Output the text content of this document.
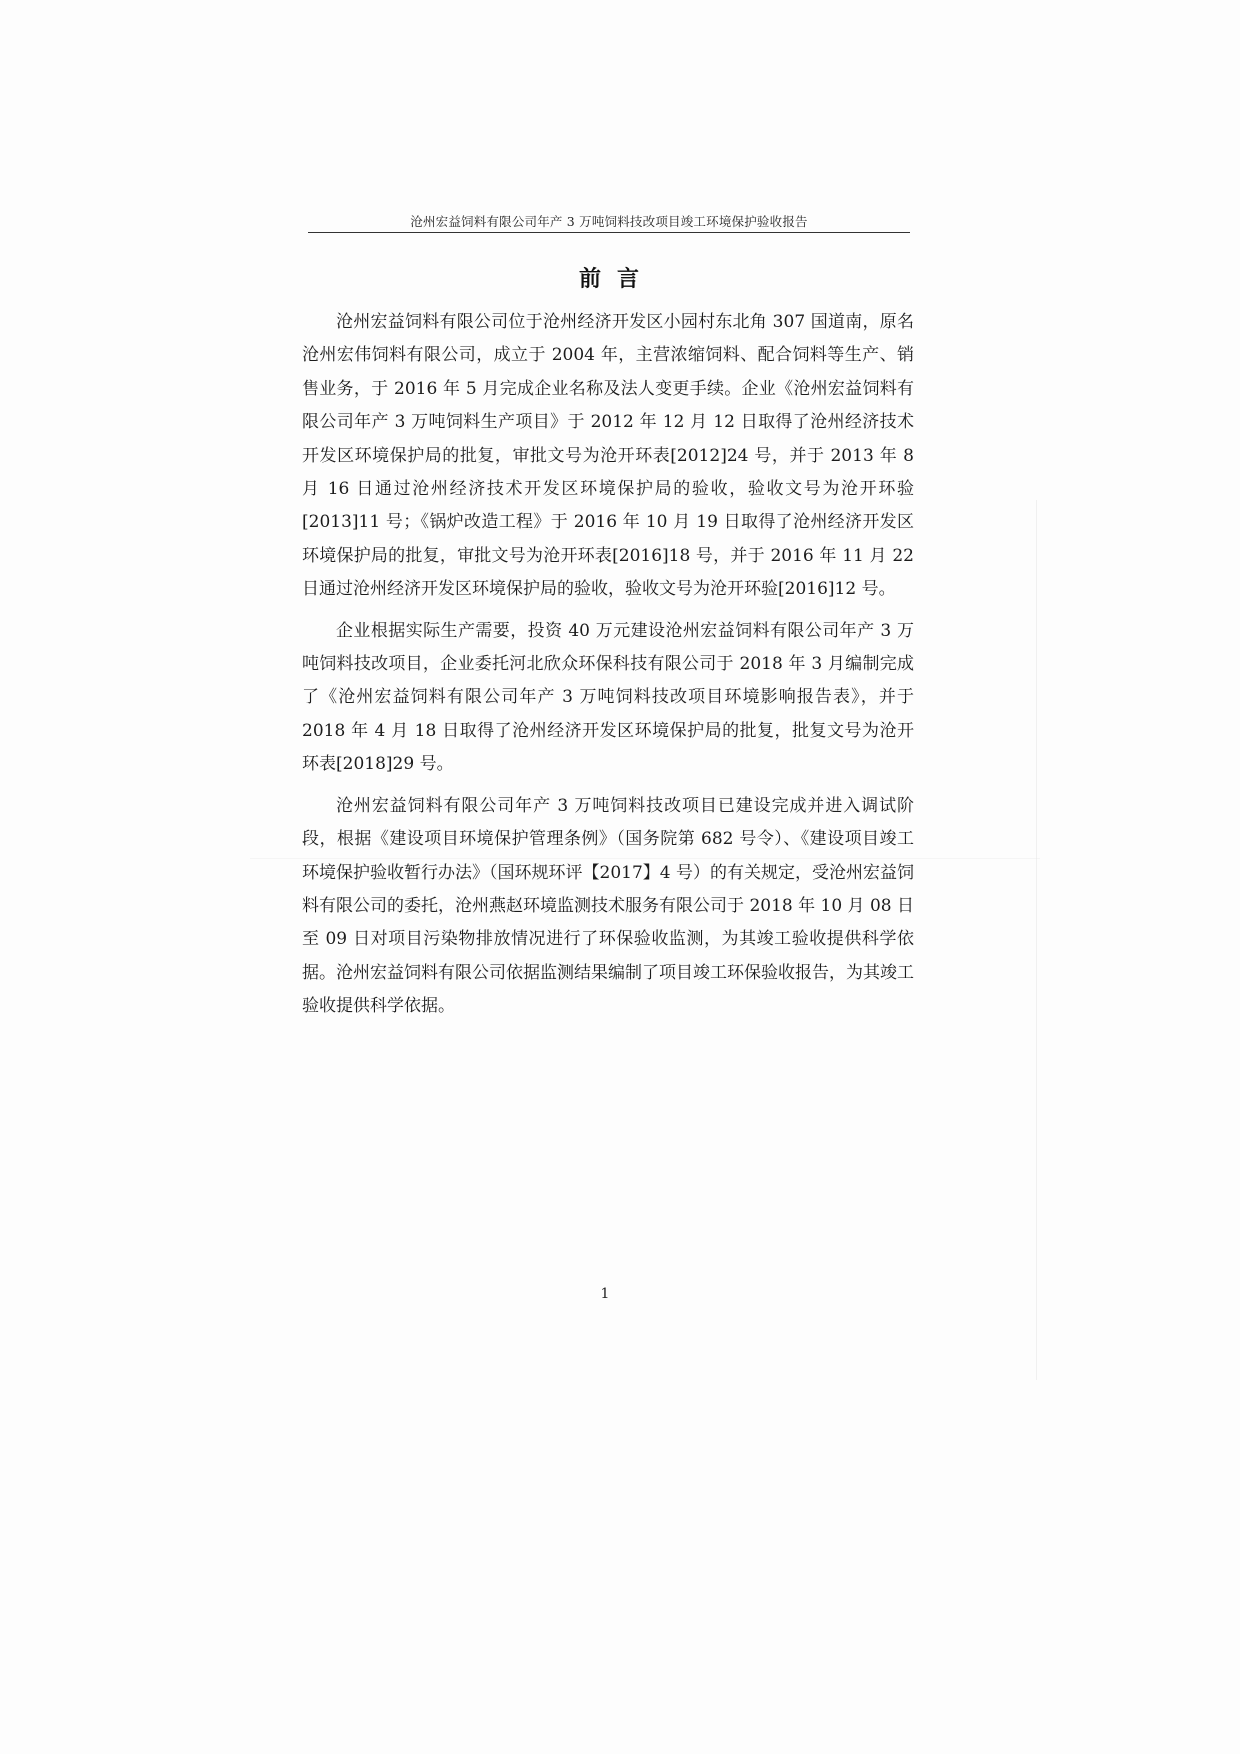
沧州宏益饲料有限公司年产 3 万吨饲料技改项目竣工环境保护验收报告
前言

沧州宏益饲料有限公司位于沧州经济开发区小园村东北角 307 国道南，原名沧州宏伟饲料有限公司，成立于 2004 年，主营浓缩饲料、配合饲料等生产、销售业务，于 2016 年 5 月完成企业名称及法人变更手续。企业《沧州宏益饲料有限公司年产 3 万吨饲料生产项目》于 2012 年 12 月 12 日取得了沧州经济技术开发区环境保护局的批复，审批文号为沧开环表[2012]24 号，并于 2013 年 8 月 16 日通过沧州经济技术开发区环境保护局的验收，验收文号为沧开环验[2013]11 号；《锅炉改造工程》于 2016 年 10 月 19 日取得了沧州经济开发区环境保护局的批复，审批文号为沧开环表[2016]18 号，并于 2016 年 11 月 22 日通过沧州经济开发区环境保护局的验收，验收文号为沧开环验[2016]12 号。

企业根据实际生产需要，投资 40 万元建设沧州宏益饲料有限公司年产 3 万吨饲料技改项目，企业委托河北欣众环保科技有限公司于 2018 年 3 月编制完成了《沧州宏益饲料有限公司年产 3 万吨饲料技改项目环境影响报告表》，并于 2018 年 4 月 18 日取得了沧州经济开发区环境保护局的批复，批复文号为沧开环表[2018]29 号。

沧州宏益饲料有限公司年产 3 万吨饲料技改项目已建设完成并进入调试阶段，根据《建设项目环境保护管理条例》（国务院第 682 号令）、《建设项目竣工环境保护验收暂行办法》（国环规环评【2017】4 号）的有关规定，受沧州宏益饲料有限公司的委托，沧州燕赵环境监测技术服务有限公司于 2018 年 10 月 08 日至 09 日对项目污染物排放情况进行了环保验收监测，为其竣工验收提供科学依据。沧州宏益饲料有限公司依据监测结果编制了项目竣工环保验收报告，为其竣工验收提供科学依据。

1
